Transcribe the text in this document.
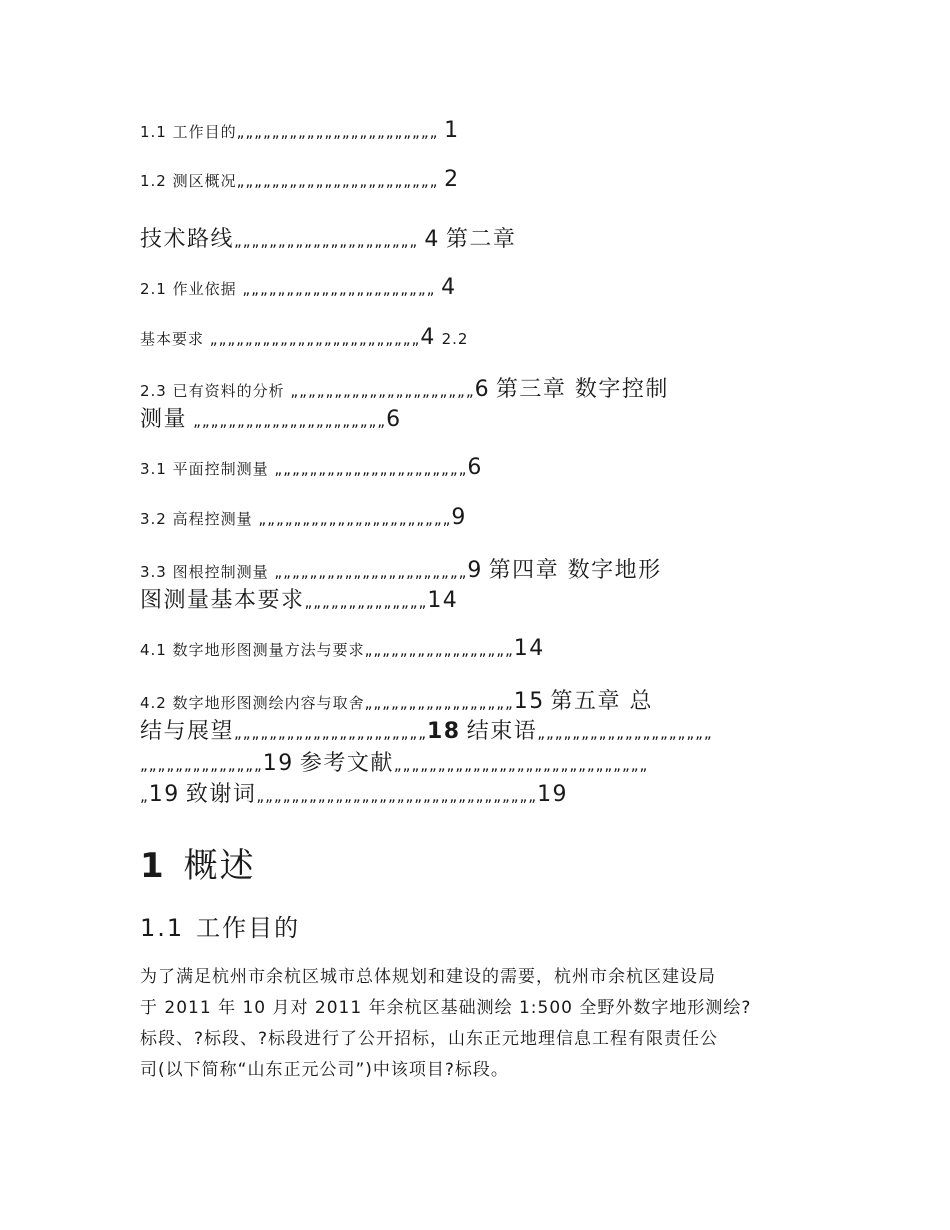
1.1 工作目的„„„„„„„„„„„„„„„„„„„„„„„ 1
1.2 测区概况„„„„„„„„„„„„„„„„„„„„„„„ 2
技术路线„„„„„„„„„„„„„„„„„„„„„ 4 第二章
2.1 作业依据 „„„„„„„„„„„„„„„„„„„„„„ 4
基本要求 „„„„„„„„„„„„„„„„„„„„„„„„4 2.2
2.3 已有资料的分析 „„„„„„„„„„„„„„„„„„„„„6 第三章 数字控制
测量 „„„„„„„„„„„„„„„„„„„„„„6
3.1 平面控制测量 „„„„„„„„„„„„„„„„„„„„„„6
3.2 高程控测量 „„„„„„„„„„„„„„„„„„„„„„9
3.3 图根控制测量 „„„„„„„„„„„„„„„„„„„„„„9 第四章 数字地形
图测量基本要求„„„„„„„„„„„„„„14
4.1 数字地形图测量方法与要求„„„„„„„„„„„„„„„„„14
4.2 数字地形图测绘内容与取舍„„„„„„„„„„„„„„„„„15 第五章 总
结与展望„„„„„„„„„„„„„„„„„„„„„„18 结束语„„„„„„„„„„„„„„„„„„„„
„„„„„„„„„„„„„„19 参考文献„„„„„„„„„„„„„„„„„„„„„„„„„„„„„
„19 致谢词„„„„„„„„„„„„„„„„„„„„„„„„„„„„„„„„19
1 概述
1.1 工作目的
为了满足杭州市余杭区城市总体规划和建设的需要，杭州市余杭区建设局
于 2011 年 10 月对 2011 年余杭区基础测绘 1:500 全野外数字地形测绘?
标段、?标段、?标段进行了公开招标，山东正元地理信息工程有限责任公
司(以下简称“山东正元公司”)中该项目?标段。
